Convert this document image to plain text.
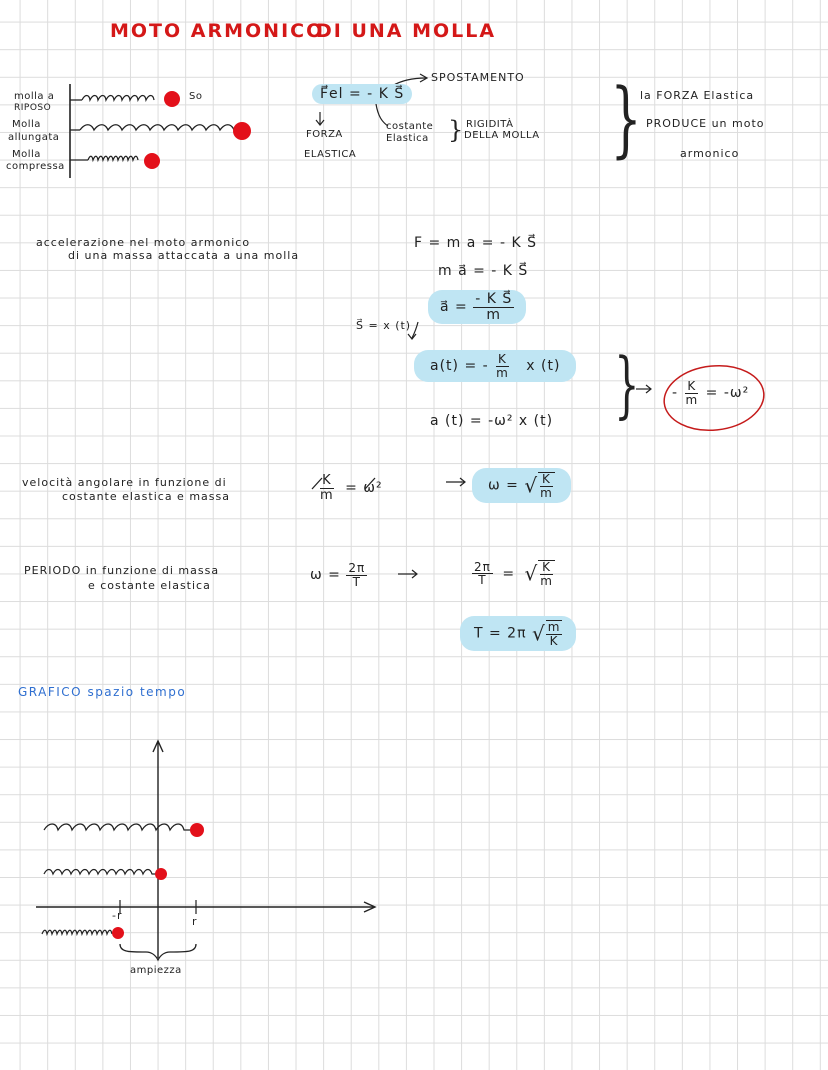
MOTO ARMONICO
DI UNA MOLLA
molla a
RIPOSO
So
Molla
allungata
Molla
compressa
F⃗el = - K S⃗
SPOSTAMENTO
FORZA
ELASTICA
costante
Elastica } RIGIDITÀ
DELLA MOLLA }
la FORZA Elastica
PRODUCE un moto
armonico
accelerazione nel moto armonico
di una massa attaccata a una molla
F = m a = - K S⃗
m a⃗ = - K S⃗
a⃗ = $\frac{\text{- K S⃗}}{m}$
S⃗ = x (t)
a(t) = - $\frac{K}{m}$ x (t)
a (t) = -ω² x (t) } - $\frac{K}{m} = -\omega^2$
velocità angolare in funzione di
costante elastica e massa	$\frac{K}{m} = \omega^2$	ω = √ $\frac{K}{m}$
PERIODO in funzione di massa
e costante elastica
$\omega = \frac{2\pi}{T}$	$\frac{2\pi}{T}$ = √ $\frac{K}{m}$
T = 2π √ $\frac{m}{K}$
GRAFICO spazio tempo
-r	r
ampiezza
